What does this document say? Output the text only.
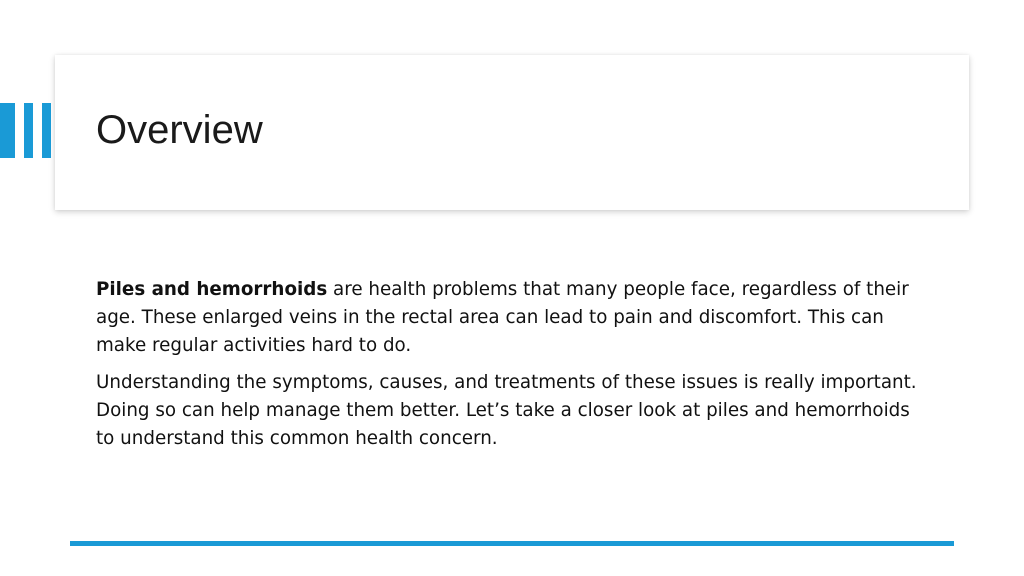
Overview

Piles and hemorrhoids are health problems that many people face, regardless of their age. These enlarged veins in the rectal area can lead to pain and discomfort. This can make regular activities hard to do.

Understanding the symptoms, causes, and treatments of these issues is really important. Doing so can help manage them better. Let’s take a closer look at piles and hemorrhoids to understand this common health concern.
